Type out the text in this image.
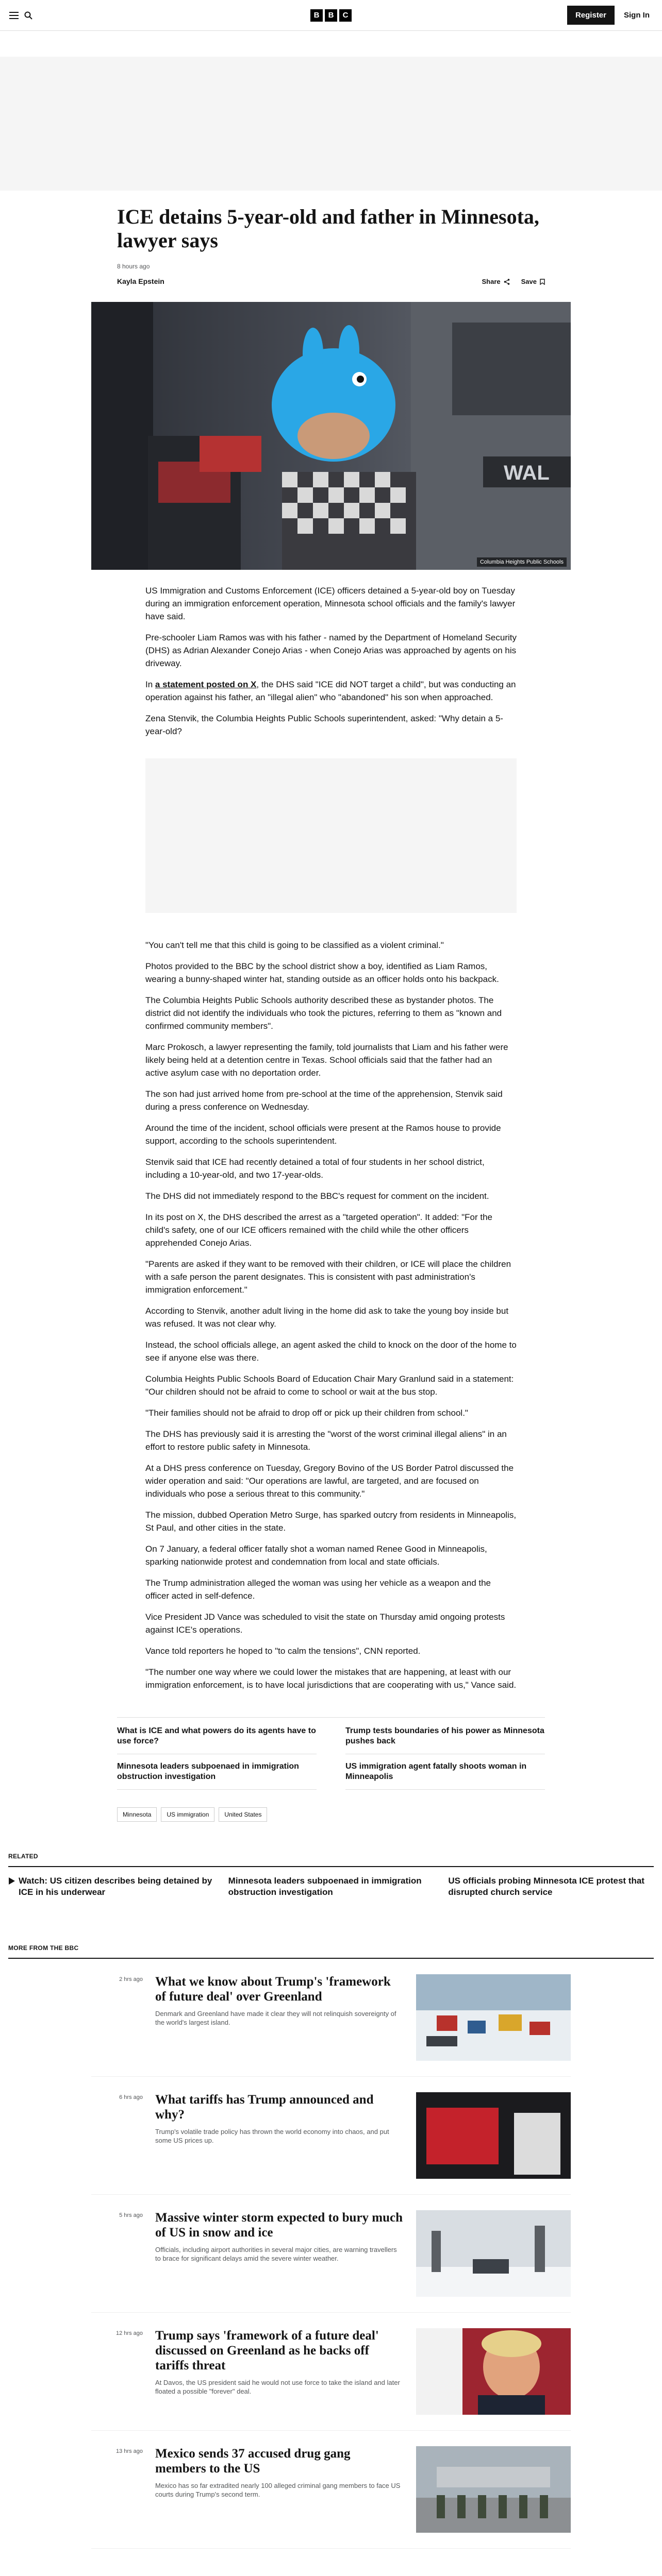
B	B	C	Register	Sign In
ICE detains 5-year-old and father in Minnesota, lawyer says
8 hours ago
Kayla Epstein	Share	Save
WAL
Columbia Heights Public Schools

US Immigration and Customs Enforcement (ICE) officers detained a 5-year-old boy on Tuesday during an immigration enforcement operation, Minnesota school officials and the family's lawyer have said.

Pre-schooler Liam Ramos was with his father - named by the Department of Homeland Security (DHS) as Adrian Alexander Conejo Arias - when Conejo Arias was approached by agents on his driveway.

In a statement posted on X, the DHS said "ICE did NOT target a child", but was conducting an operation against his father, an "illegal alien" who "abandoned" his son when approached.

Zena Stenvik, the Columbia Heights Public Schools superintendent, asked: "Why detain a 5-year-old?

"You can't tell me that this child is going to be classified as a violent criminal."

Photos provided to the BBC by the school district show a boy, identified as Liam Ramos, wearing a bunny-shaped winter hat, standing outside as an officer holds onto his backpack.

The Columbia Heights Public Schools authority described these as bystander photos. The district did not identify the individuals who took the pictures, referring to them as "known and confirmed community members".

Marc Prokosch, a lawyer representing the family, told journalists that Liam and his father were likely being held at a detention centre in Texas. School officials said that the father had an active asylum case with no deportation order.

The son had just arrived home from pre-school at the time of the apprehension, Stenvik said during a press conference on Wednesday.

Around the time of the incident, school officials were present at the Ramos house to provide support, according to the schools superintendent.

Stenvik said that ICE had recently detained a total of four students in her school district, including a 10-year-old, and two 17-year-olds.

The DHS did not immediately respond to the BBC's request for comment on the incident.

In its post on X, the DHS described the arrest as a "targeted operation". It added: "For the child's safety, one of our ICE officers remained with the child while the other officers apprehended Conejo Arias.

"Parents are asked if they want to be removed with their children, or ICE will place the children with a safe person the parent designates. This is consistent with past administration's immigration enforcement."

According to Stenvik, another adult living in the home did ask to take the young boy inside but was refused. It was not clear why.

Instead, the school officials allege, an agent asked the child to knock on the door of the home to see if anyone else was there.

Columbia Heights Public Schools Board of Education Chair Mary Granlund said in a statement: "Our children should not be afraid to come to school or wait at the bus stop.

"Their families should not be afraid to drop off or pick up their children from school."

The DHS has previously said it is arresting the "worst of the worst criminal illegal aliens" in an effort to restore public safety in Minnesota.

At a DHS press conference on Tuesday, Gregory Bovino of the US Border Patrol discussed the wider operation and said: "Our operations are lawful, are targeted, and are focused on individuals who pose a serious threat to this community."

The mission, dubbed Operation Metro Surge, has sparked outcry from residents in Minneapolis, St Paul, and other cities in the state.

On 7 January, a federal officer fatally shot a woman named Renee Good in Minneapolis, sparking nationwide protest and condemnation from local and state officials.

The Trump administration alleged the woman was using her vehicle as a weapon and the officer acted in self-defence.

Vice President JD Vance was scheduled to visit the state on Thursday amid ongoing protests against ICE's operations.

Vance told reporters he hoped to "to calm the tensions", CNN reported.

"The number one way where we could lower the mistakes that are happening, at least with our immigration enforcement, is to have local jurisdictions that are cooperating with us," Vance said.

What is ICE and what powers do its agents have to use force?
Trump tests boundaries of his power as Minnesota pushes back
Minnesota leaders subpoenaed in immigration obstruction investigation
US immigration agent fatally shoots woman in Minneapolis
Minnesota	US immigration	United States
RELATED
Watch: US citizen describes being detained by ICE in his underwear
Minnesota leaders subpoenaed in immigration obstruction investigation
US officials probing Minnesota ICE protest that disrupted church service
MORE FROM THE BBC
2 hrs ago What we know about Trump's 'framework of future deal' over Greenland
Denmark and Greenland have made it clear they will not relinquish sovereignty of the world's largest island.
6 hrs ago What tariffs has Trump announced and why?
Trump's volatile trade policy has thrown the world economy into chaos, and put some US prices up.
5 hrs ago Massive winter storm expected to bury much of US in snow and ice
Officials, including airport authorities in several major cities, are warning travellers to brace for significant delays amid the severe winter weather.
12 hrs ago Trump says 'framework of a future deal' discussed on Greenland as he backs off tariffs threat
At Davos, the US president said he would not use force to take the island and later floated a possible "forever" deal.
13 hrs ago Mexico sends 37 accused drug gang members to the US
Mexico has so far extradited nearly 100 alleged criminal gang members to face US courts during Trump's second term.
